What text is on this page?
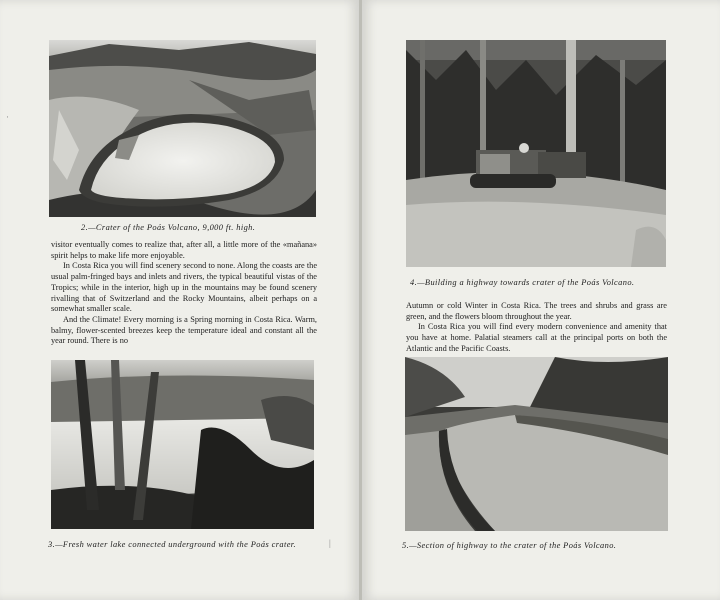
·
2.—Crater of the Poás Volcano, 9,000 ft. high.

visitor eventually comes to realize that, after all, a little more of the «mañana» spirit helps to make life more enjoyable.

In Costa Rica you will find scenery second to none. Along the coasts are the usual palm-fringed bays and inlets and rivers, the typical beautiful vistas of the Tropics; while in the interior, high up in the mountains may be found scenery rivalling that of Switzerland and the Rocky Mountains, albeit perhaps on a somewhat smaller scale.

And the Climate! Every morning is a Spring morning in Costa Rica. Warm, balmy, flower-scented breezes keep the temperature ideal and constant all the year round. There is no

3.—Fresh water lake connected underground with the Poás crater.	|
4.—Building a highway towards crater of the Poás Volcano.

Autumn or cold Winter in Costa Rica. The trees and shrubs and grass are green, and the flowers bloom throughout the year.

In Costa Rica you will find every modern convenience and amenity that you have at home. Palatial steamers call at the principal ports on both the Atlantic and the Pacific Coasts.

5.—Section of highway to the crater of the Poás Volcano.
